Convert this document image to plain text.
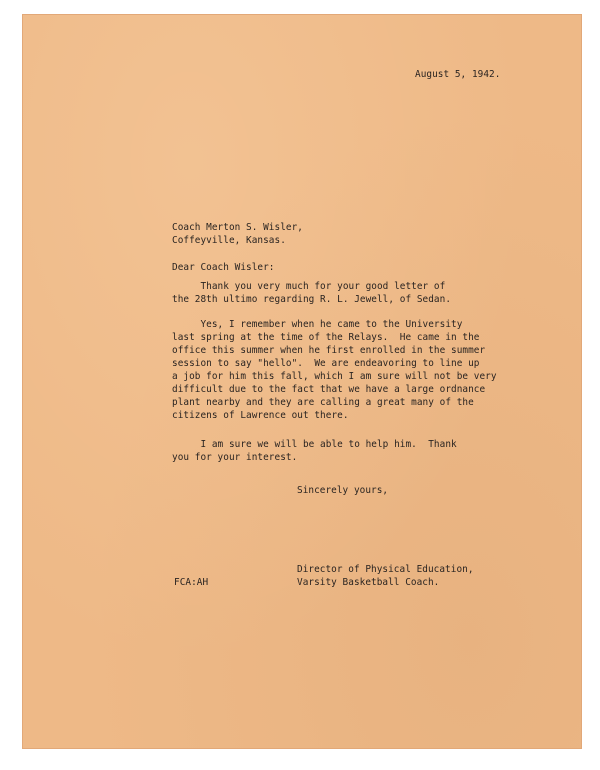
August 5, 1942.
Coach Merton S. Wisler,
Coffeyville, Kansas.
Dear Coach Wisler:
Thank you very much for your good letter of
the 28th ultimo regarding R. L. Jewell, of Sedan.
Yes, I remember when he came to the University
last spring at the time of the Relays.  He came in the
office this summer when he first enrolled in the summer
session to say "hello".  We are endeavoring to line up
a job for him this fall, which I am sure will not be very
difficult due to the fact that we have a large ordnance
plant nearby and they are calling a great many of the
citizens of Lawrence out there.
I am sure we will be able to help him.  Thank
you for your interest.
Sincerely yours,
Director of Physical Education,
Varsity Basketball Coach.
FCA:AH
